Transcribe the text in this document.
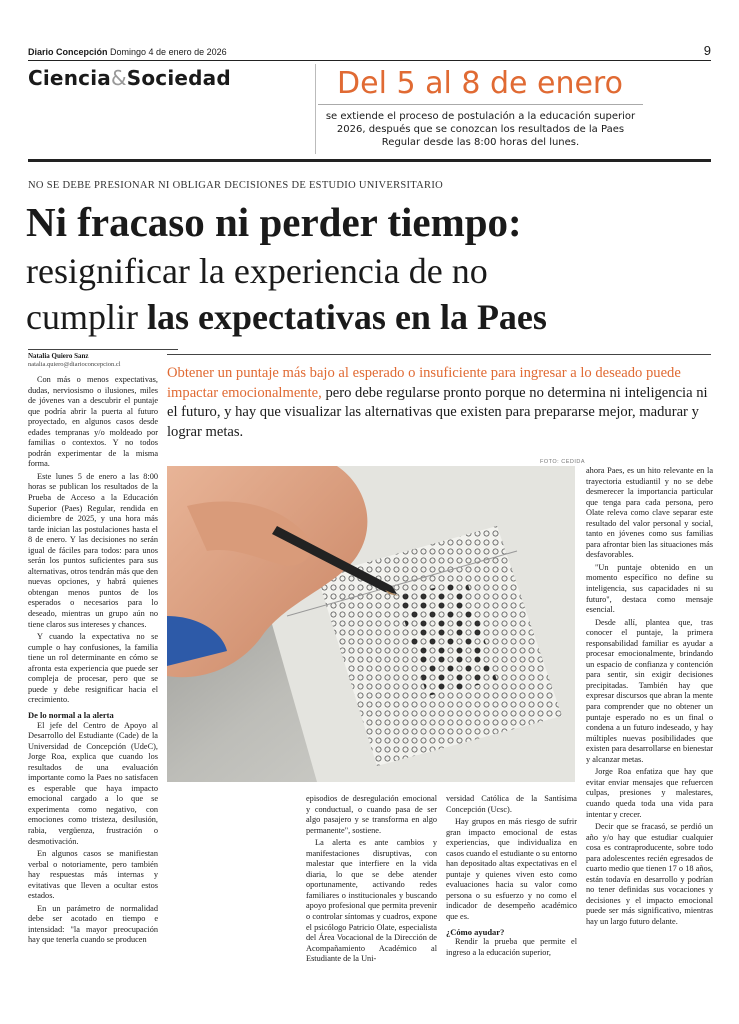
Diario Concepción Domingo 4 de enero de 2026	9
Ciencia&Sociedad	Del 5 al 8 de enero
se extiende el proceso de postulación a la educación superior 2026, después que se conozcan los resultados de la Paes Regular desde las 8:00 horas del lunes.
NO SE DEBE PRESIONAR NI OBLIGAR DECISIONES DE ESTUDIO UNIVERSITARIO
Ni fracaso ni perder tiempo:
resignificar la experiencia de no
cumplir las expectativas en la Paes
Natalia Quiero Sanz
natalia.quiero@diarioconcepcion.cl
Obtener un puntaje más bajo al esperado o insuficiente para ingresar a lo deseado puede impactar emocionalmente, pero debe regularse pronto porque no determina ni inteligencia ni el futuro, y hay que visualizar las alternativas que existen para prepararse mejor, madurar y lograr metas.
FOTO: CEDIDA

Con más o menos expectativas, dudas, nerviosismo o ilusiones, miles de jóvenes van a descubrir el puntaje que podría abrir la puerta al futuro proyectado, en algunos casos desde edades tempranas y/o moldeado por familias o contextos. Y no todos podrán experimentar de la misma forma.

Este lunes 5 de enero a las 8:00 horas se publican los resultados de la Prueba de Acceso a la Educación Superior (Paes) Regular, rendida en diciembre de 2025, y una hora más tarde inician las postulaciones hasta el 8 de enero. Y las decisiones no serán igual de fáciles para todos: para unos serán los puntos suficientes para sus alternativas, otros tendrán más que den nuevas opciones, y habrá quienes obtengan menos puntos de los esperados o necesarios para lo deseado, mientras un grupo aún no tiene claros sus intereses y chances.

Y cuando la expectativa no se cumple o hay confusiones, la familia tiene un rol determinante en cómo se afronta esta experiencia que puede ser compleja de procesar, pero que se puede y debe resignificar hacia el crecimiento.

De lo normal a la alerta

El jefe del Centro de Apoyo al Desarrollo del Estudiante (Cade) de la Universidad de Concepción (UdeC), Jorge Roa, explica que cuando los resultados de una evaluación importante como la Paes no satisfacen es esperable que haya impacto emocional cargado a lo que se experimenta como negativo, con emociones como tristeza, desilusión, rabia, vergüenza, frustración o desmotivación.

En algunos casos se manifiestan verbal o notoriamente, pero también hay respuestas más internas y evitativas que lleven a ocultar estos estados.

En un parámetro de normalidad debe ser acotado en tiempo e intensidad: "la mayor preocupación hay que tenerla cuando se producen

episodios de desregulación emocional y conductual, o cuando pasa de ser algo pasajero y se transforma en algo permanente", sostiene.

La alerta es ante cambios y manifestaciones disruptivas, con malestar que interfiere en la vida diaria, lo que se debe atender oportunamente, activando redes familiares o institucionales y buscando apoyo profesional que permita prevenir o controlar síntomas y cuadros, expone el psicólogo Patricio Olate, especialista del Área Vocacional de la Dirección de Acompañamiento Académico al Estudiante de la Uni-

versidad Católica de la Santísima Concepción (Ucsc).

Hay grupos en más riesgo de sufrir gran impacto emocional de estas experiencias, que individualiza en casos cuando el estudiante o su entorno han depositado altas expectativas en el puntaje y quienes viven esto como evaluaciones hacia su valor como persona o su esfuerzo y no como el indicador de desempeño académico que es.

¿Cómo ayudar?

Rendir la prueba que permite el ingreso a la educación superior,

ahora Paes, es un hito relevante en la trayectoria estudiantil y no se debe desmerecer la importancia particular que tenga para cada persona, pero Olate releva como clave separar este resultado del valor personal y social, tanto en jóvenes como sus familias para afrontar bien las situaciones más desfavorables.

"Un puntaje obtenido en un momento específico no define su inteligencia, sus capacidades ni su futuro", destaca como mensaje esencial.

Desde allí, plantea que, tras conocer el puntaje, la primera responsabilidad familiar es ayudar a procesar emocionalmente, brindando un espacio de confianza y contención para sentir, sin exigir decisiones precipitadas. También hay que expresar discursos que abran la mente para comprender que no obtener un puntaje esperado no es un final o condena a un futuro indeseado, y hay múltiples nuevas posibilidades que existen para desarrollarse en bienestar y alcanzar metas.

Jorge Roa enfatiza que hay que evitar enviar mensajes que refuercen culpas, presiones y malestares, cuando queda toda una vida para intentar y crecer.

Decir que se fracasó, se perdió un año y/o hay que estudiar cualquier cosa es contraproducente, sobre todo para adolescentes recién egresados de cuarto medio que tienen 17 o 18 años, están todavía en desarrollo y podrían no tener definidas sus vocaciones y decisiones y el impacto emocional puede ser más significativo, mientras hay un largo futuro delante.
